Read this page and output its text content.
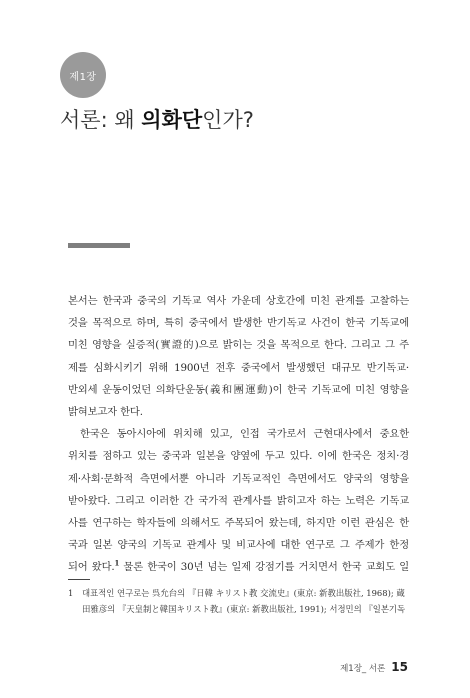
제1장
서론: 왜 의화단인가?

본서는 한국과 중국의 기독교 역사 가운데 상호간에 미친 관계를 고찰하는

것을 목적으로 하며, 특히 중국에서 발생한 반기독교 사건이 한국 기독교에

미친 영향을 실증적(實證的)으로 밝히는 것을 목적으로 한다. 그리고 그 주

제를 심화시키기 위해 1900년 전후 중국에서 발생했던 대규모 반기독교·

반외세 운동이었던 의화단운동(義和團運動)이 한국 기독교에 미친 영향을

밝혀보고자 한다.

한국은 동아시아에 위치해 있고, 인접 국가로서 근현대사에서 중요한

위치를 점하고 있는 중국과 일본을 양옆에 두고 있다. 이에 한국은 정치·경

제·사회·문화적 측면에서뿐 아니라 기독교적인 측면에서도 양국의 영향을

받아왔다. 그리고 이러한 간 국가적 관계사를 밝히고자 하는 노력은 기독교

사를 연구하는 학자들에 의해서도 주목되어 왔는데, 하지만 이런 관심은 한

국과 일본 양국의 기독교 관계사 및 비교사에 대한 연구로 그 주제가 한정

되어 왔다.$^1$ 물론 한국이 30년 넘는 일제 강점기를 거치면서 한국 교회도 일

1	대표적인 연구로는 呉允台의 『日韓 キリスト教 交流史』(東京: 新教出版社, 1968); 蔵
田雅彦의 『天皇制と韓国キリスト教』(東京: 新教出版社, 1991); 서정민의 『일본기독
제1장_ 서론 15
